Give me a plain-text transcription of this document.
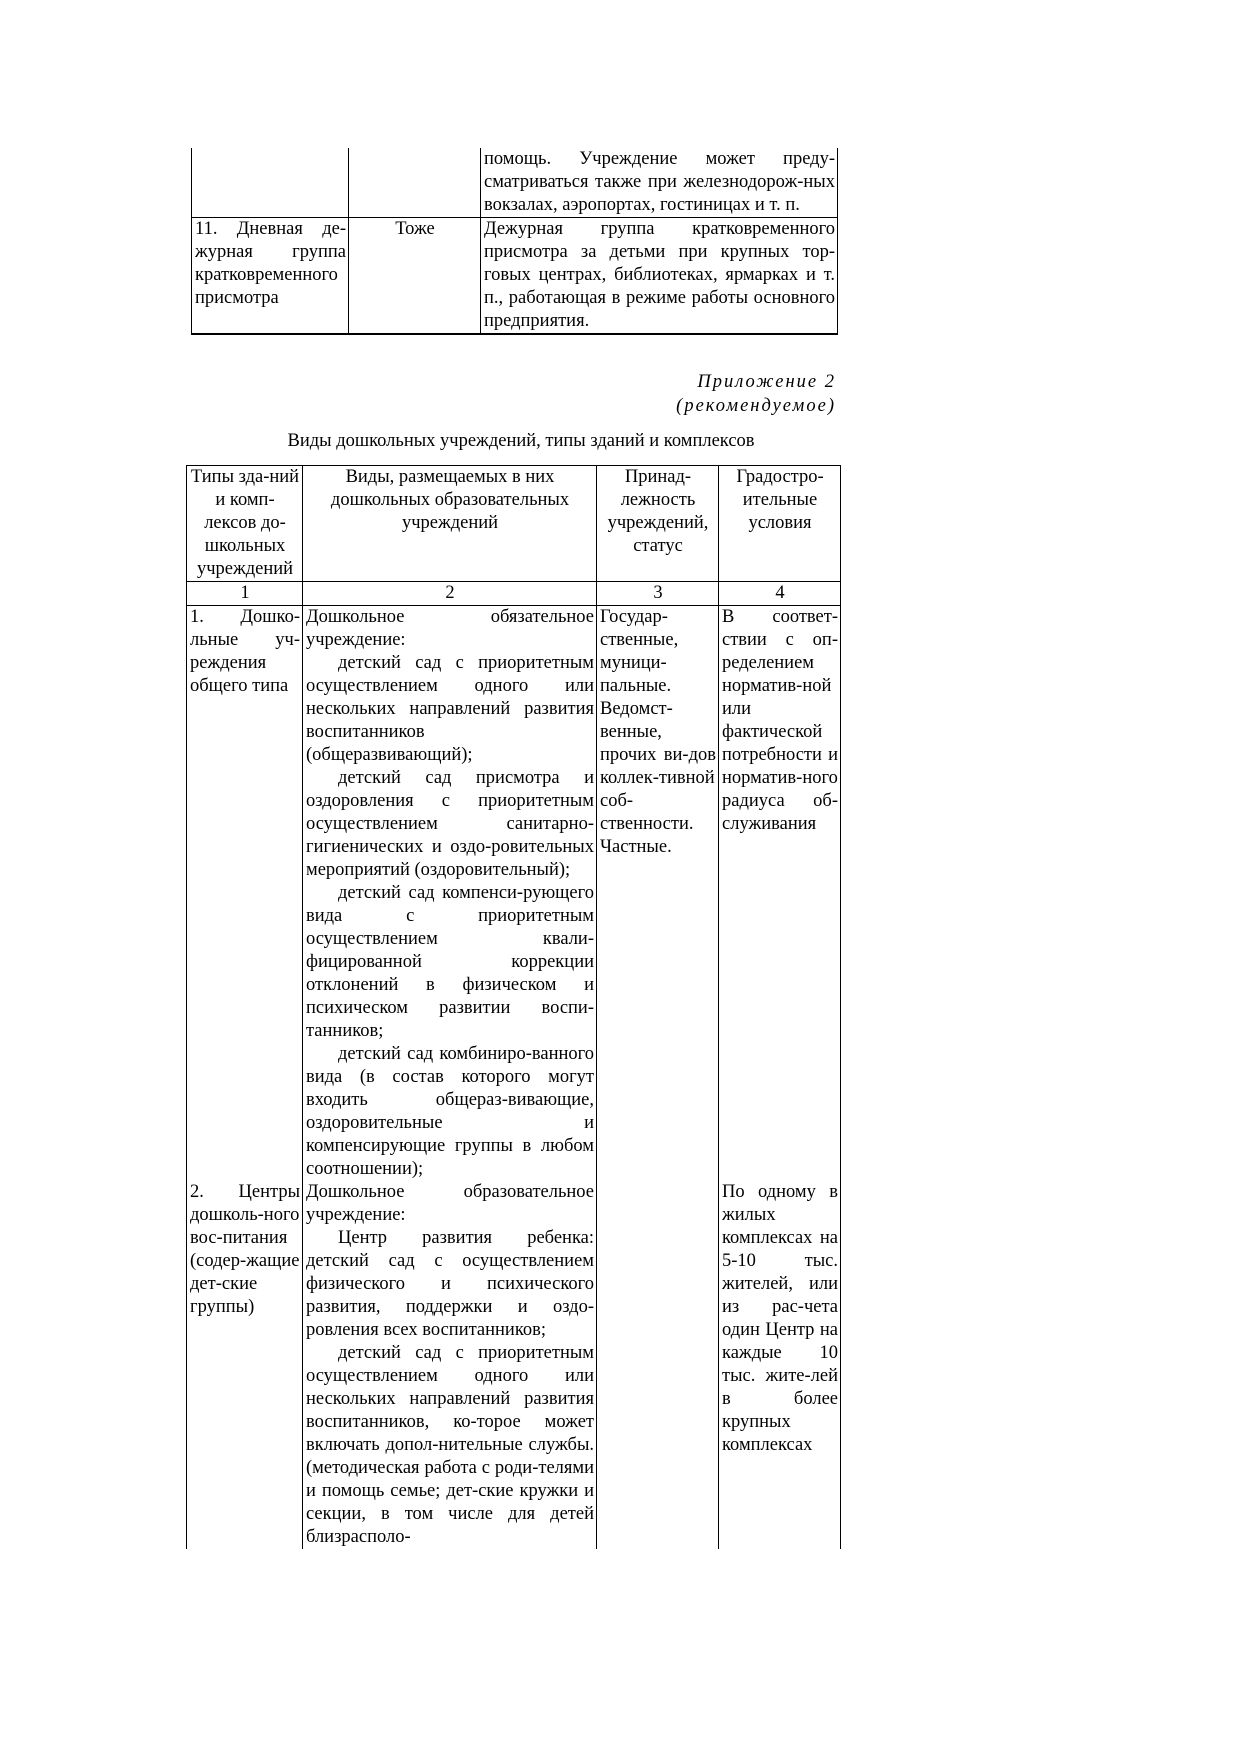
		помощь. Учреждение может преду-сматриваться также при железнодорож-ных вокзалах, аэропортах, гостиницах и т. п.
11. Дневная де-журная группа кратковременного присмотра	Тоже	Дежурная группа кратковременного присмотра за детьми при крупных тор-говых центрах, библиотеках, ярмарках и т. п., работающая в режиме работы основного предприятия.
Приложение 2
(рекомендуемое)
Виды дошкольных учреждений, типы зданий и комплексов
Типы зда-ний и комп-лексов до-школьных учреждений	Виды, размещаемых в них дошкольных образовательных учреждений	Принад-лежность учреждений, статус	Градостро-ительные условия
1	2	3	4
1. Дошко-льные уч-реждения общего типа	Дошкольное обязательное учреждение:
детский сад с приоритетным осуществлением одного или нескольких направлений развития воспитанников (общеразвивающий);
детский сад присмотра и оздоровления с приоритетным осуществлением санитарно-гигиенических и оздо-ровительных мероприятий (оздоровительный);
детский сад компенси-рующего вида с приоритетным осуществлением квали-фицированной коррекции отклонений в физическом и психическом развитии воспи-танников;
детский сад комбиниро-ванного вида (в состав которого могут входить общераз-вивающие, оздоровительные и компенсирующие группы в любом соотношении);	Государ-ственные, муници-пальные. Ведомст-венные, прочих ви-дов коллек-тивной соб-ственности. Частные.	В соответ-ствии с оп-ределением норматив-ной или фактической потребности и норматив-ного радиуса об-служивания
2. Центры дошколь-ного вос-питания (содер-жащие дет-ские группы)	Дошкольное образовательное учреждение:
Центр развития ребенка: детский сад с осуществлением физического и психического развития, поддержки и оздо-ровления всех воспитанников;
детский сад с приоритетным осуществлением одного или нескольких направлений развития воспитанников, ко-торое может включать допол-нительные службы. (методическая работа с роди-телями и помощь семье; дет-ские кружки и секции, в том числе для детей близрасполо-		По одному в жилых комплексах на 5-10 тыс. жителей, или из рас-чета один Центр на каждые 10 тыс. жите-лей в более крупных комплексах
